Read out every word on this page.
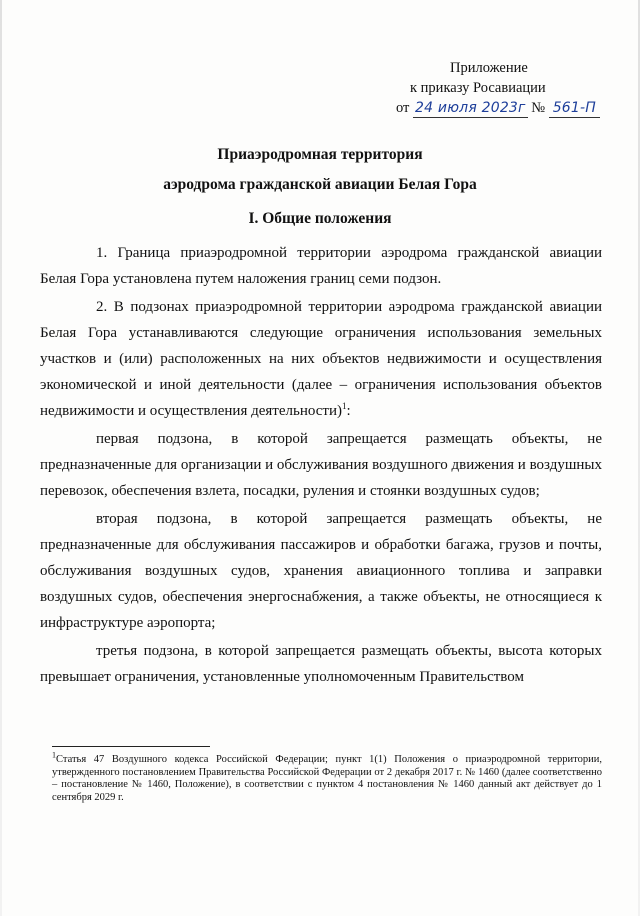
Приложение
к приказу Росавиации
от 24 июля 2023г № 561-П
Приаэродромная территория
аэродрома гражданской авиации Белая Гора
I. Общие положения

1. Граница приаэродромной территории аэродрома гражданской авиации Белая Гора установлена путем наложения границ семи подзон.

2. В подзонах приаэродромной территории аэродрома гражданской авиации Белая Гора устанавливаются следующие ограничения использования земельных участков и (или) расположенных на них объектов недвижимости и осуществления экономической и иной деятельности (далее – ограничения использования объектов недвижимости и осуществления деятельности)$^1$:

первая подзона, в которой запрещается размещать объекты, не предназначенные для организации и обслуживания воздушного движения и воздушных перевозок, обеспечения взлета, посадки, руления и стоянки воздушных судов;

вторая подзона, в которой запрещается размещать объекты, не предназначенные для обслуживания пассажиров и обработки багажа, грузов и почты, обслуживания воздушных судов, хранения авиационного топлива и заправки воздушных судов, обеспечения энергоснабжения, а также объекты, не относящиеся к инфраструктуре аэропорта;

третья подзона, в которой запрещается размещать объекты, высота которых превышает ограничения, установленные уполномоченным Правительством

$^1$Статья 47 Воздушного кодекса Российской Федерации; пункт 1(1) Положения о приаэродромной территории, утвержденного постановлением Правительства Российской Федерации от 2 декабря 2017 г. № 1460 (далее соответственно – постановление № 1460, Положение), в соответствии с пунктом 4 постановления № 1460 данный акт действует до 1 сентября 2029 г.
